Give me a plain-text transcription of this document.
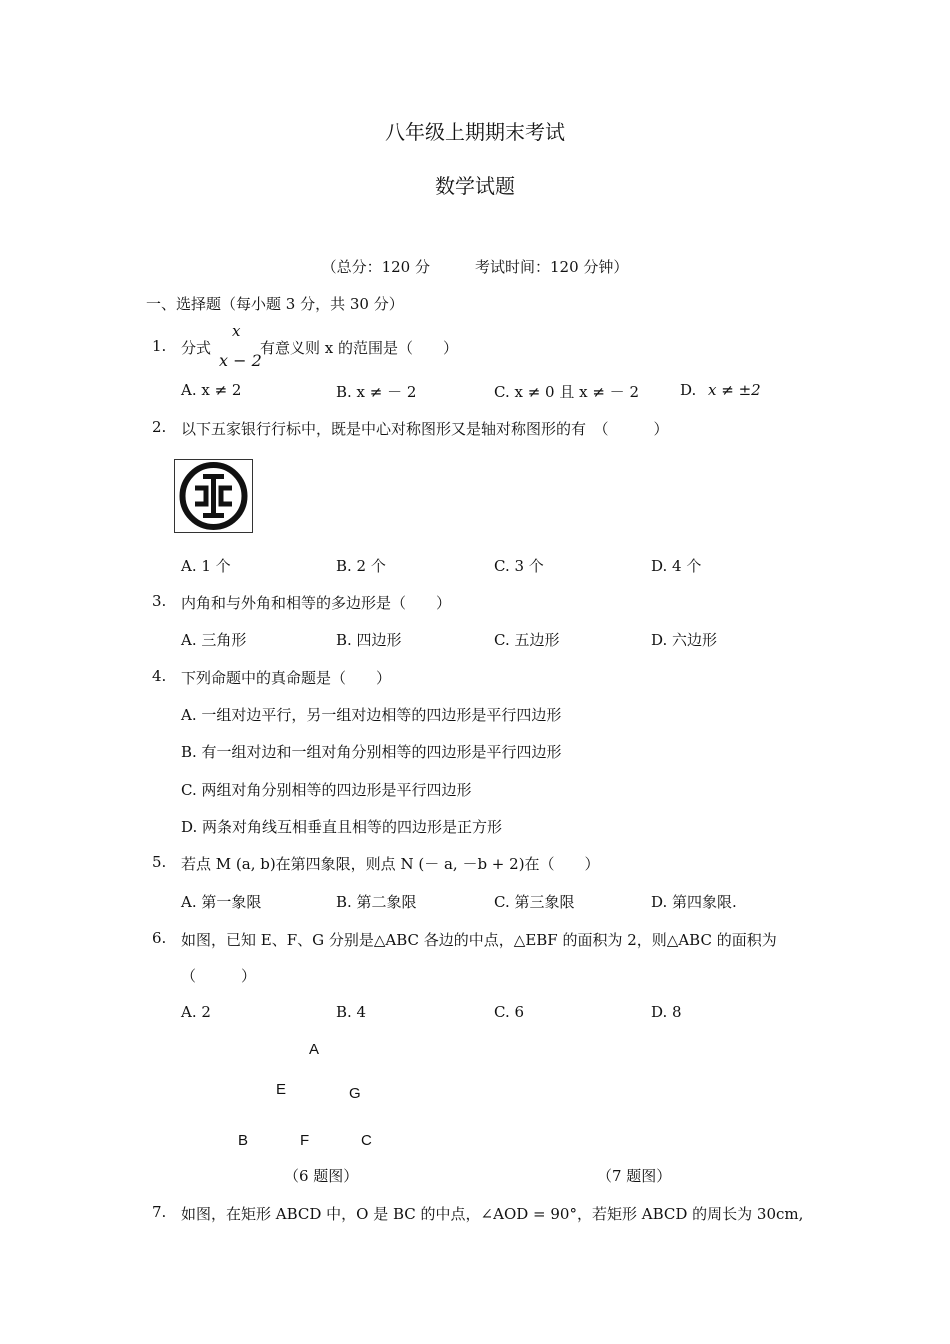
八年级上期期末考试
数学试题
（总分：120 分　　　考试时间：120 分钟）
一、选择题（每小题 3 分，共 30 分）
1. 分式
x
x − 2
有意义则 x 的范围是（　　）
A. x ≠ 2	B. x ≠ － 2	C. x ≠ 0 且 x ≠ － 2	D. x ≠ ±2
2. 以下五家银行行标中，既是中心对称图形又是轴对称图形的有　（　　　）
A. 1 个	B. 2 个	C. 3 个	D. 4 个
3. 内角和与外角和相等的多边形是（　　）
A. 三角形	B. 四边形	C. 五边形	D. 六边形
4. 下列命题中的真命题是（　　）
A. 一组对边平行，另一组对边相等的四边形是平行四边形
B. 有一组对边和一组对角分别相等的四边形是平行四边形
C. 两组对角分别相等的四边形是平行四边形
D. 两条对角线互相垂直且相等的四边形是正方形
5. 若点 M (a, b)在第四象限，则点 N (－ a, －b + 2)在（　　）
A. 第一象限	B. 第二象限	C. 第三象限	D. 第四象限.
6. 如图，已知 E、F、G 分别是△ABC 各边的中点，△EBF 的面积为 2，则△ABC 的面积为
（　　　）
A. 2	B. 4	C. 6	D. 8
A
E	G
B	F	C
（6 题图）	（7 题图）
7. 如图，在矩形 ABCD 中，O 是 BC 的中点，∠AOD = 90°，若矩形 ABCD 的周长为 30cm,
